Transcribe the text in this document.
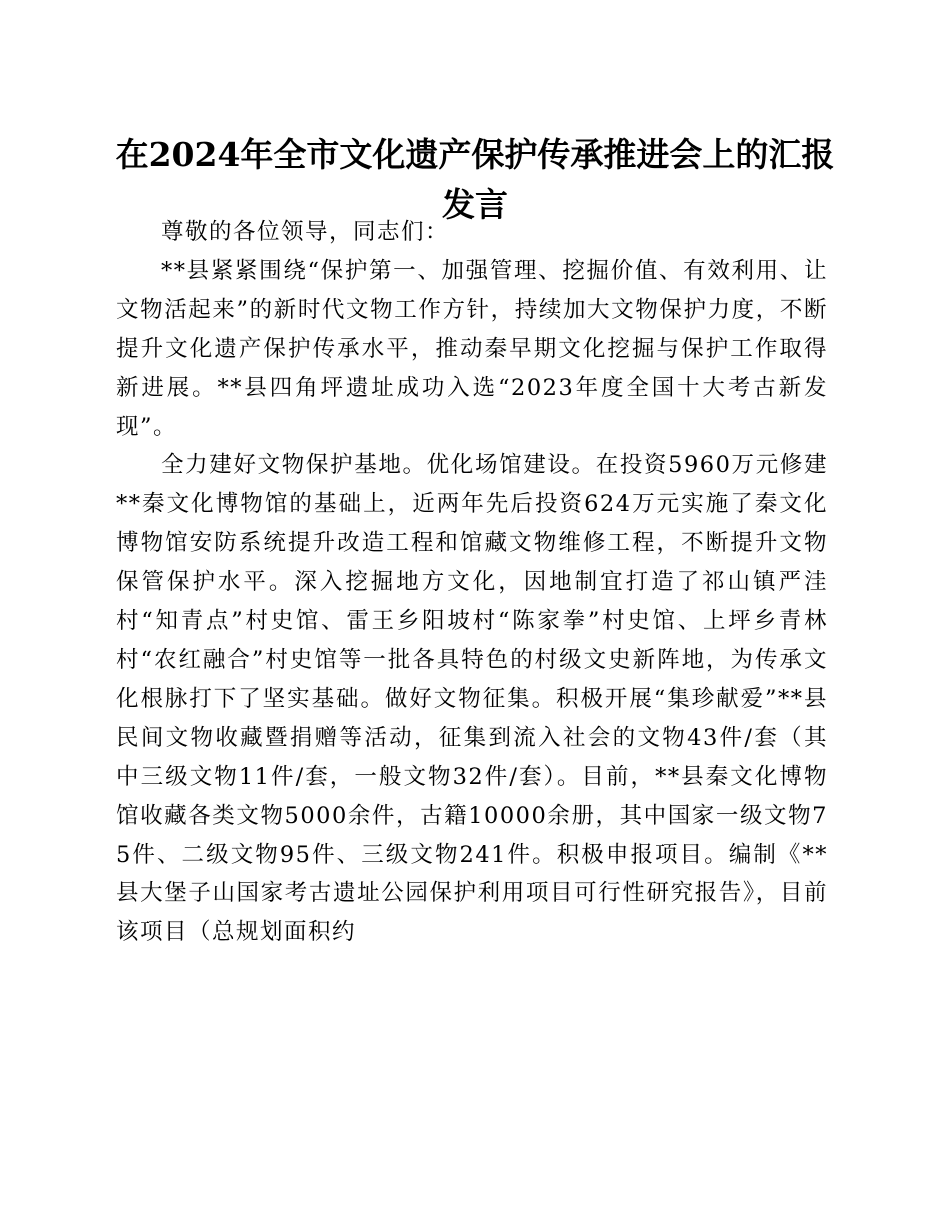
在2024年全市文化遗产保护传承推进会上的汇报发言

尊敬的各位领导，同志们：

**县紧紧围绕“保护第一、加强管理、挖掘价值、有效利用、让文物活起来”的新时代文物工作方针，持续加大文物保护力度，不断提升文化遗产保护传承水平，推动秦早期文化挖掘与保护工作取得新进展。**县四角坪遗址成功入选“2023年度全国十大考古新发现”。

全力建好文物保护基地。优化场馆建设。在投资5960万元修建**秦文化博物馆的基础上，近两年先后投资624万元实施了秦文化博物馆安防系统提升改造工程和馆藏文物维修工程，不断提升文物保管保护水平。深入挖掘地方文化，因地制宜打造了祁山镇严洼村“知青点”村史馆、雷王乡阳坡村“陈家拳”村史馆、上坪乡青林村“农红融合”村史馆等一批各具特色的村级文史新阵地，为传承文化根脉打下了坚实基础。做好文物征集。积极开展“集珍献爱”**县民间文物收藏暨捐赠等活动，征集到流入社会的文物43件/套（其中三级文物11件/套，一般文物32件/套）。目前，**县秦文化博物馆收藏各类文物5000余件，古籍10000余册，其中国家一级文物75件、二级文物95件、三级文物241件。积极申报项目。编制《**县大堡子山国家考古遗址公园保护利用项目可行性研究报告》，目前该项目（总规划面积约
